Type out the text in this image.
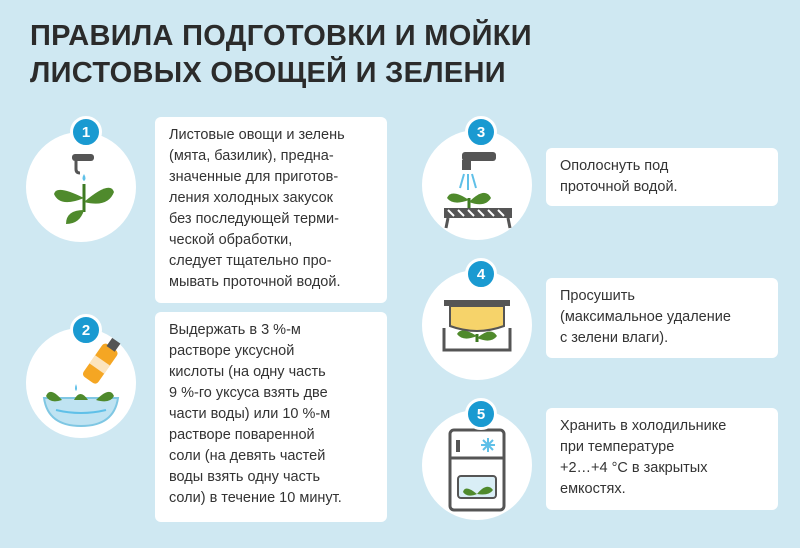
ПРАВИЛА ПОДГОТОВКИ И МОЙКИ
ЛИСТОВЫХ ОВОЩЕЙ И ЗЕЛЕНИ
1	Листовые овощи и зелень
(мята, базилик), предна-
значенные для приготов-
ления холодных закусок
без последующей терми-
ческой обработки,
следует тщательно про-
мывать проточной водой.
2	Выдержать в 3 %-м
растворе уксусной
кислоты (на одну часть
9 %-го уксуса взять две
части воды) или 10 %-м
растворе поваренной
соли (на девять частей
воды взять одну часть
соли) в течение 10 минут.
3
Ополоснуть под
проточной водой.
4
Просушить
(максимальное удаление
с зелени влаги).
5
Хранить в холодильнике
при температуре
+2…+4 °С в закрытых
емкостях.
